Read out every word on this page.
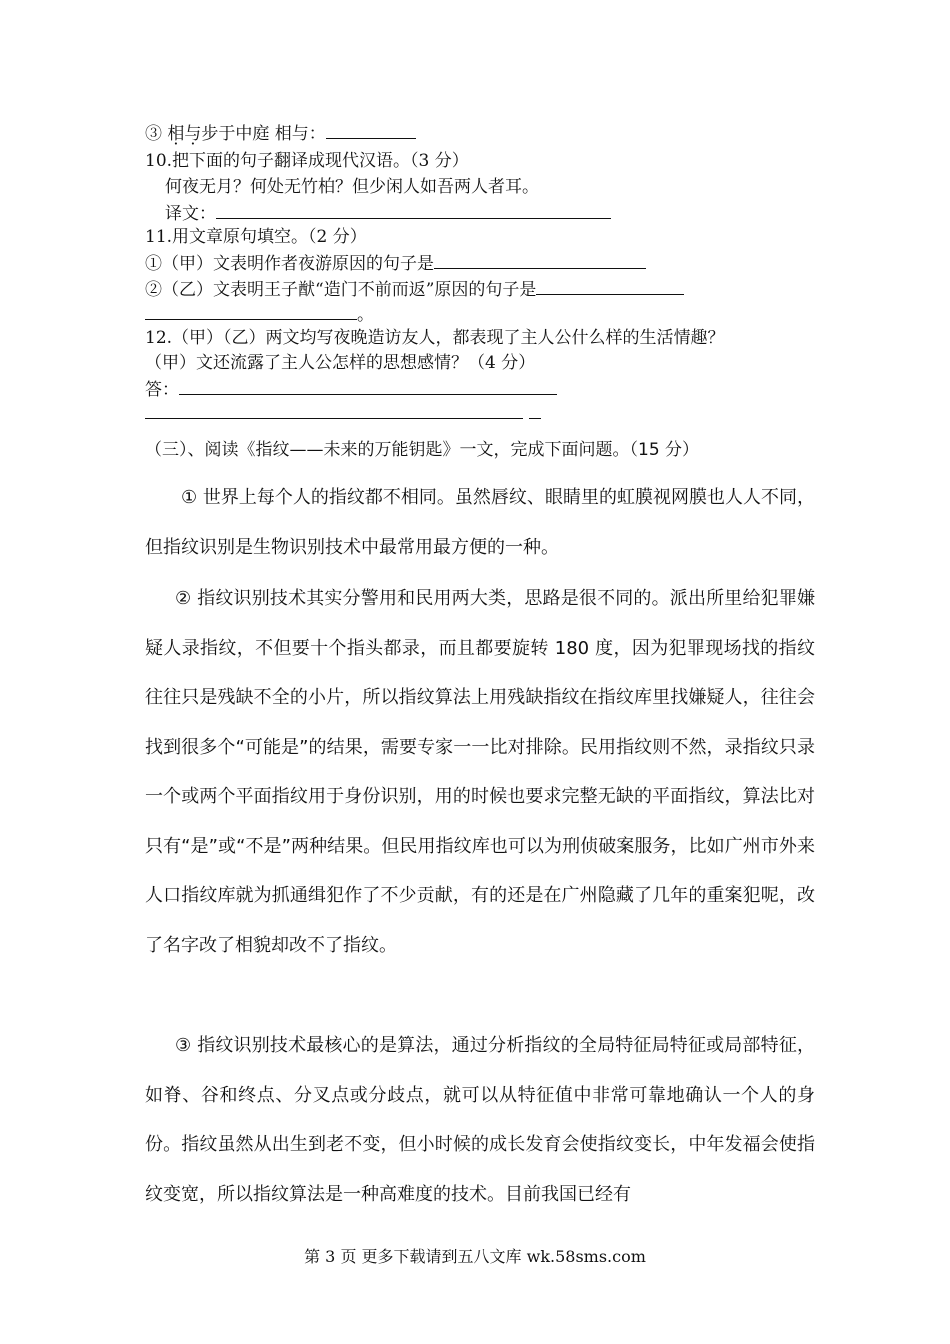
③ 相与步于中庭 相与：
10.把下面的句子翻译成现代汉语。（3 分）
何夜无月？何处无竹柏？但少闲人如吾两人者耳。
译文：
11.用文章原句填空。（2 分）
①（甲）文表明作者夜游原因的句子是
②（乙）文表明王子猷“造门不前而返”原因的句子是
。
12.（甲）（乙）两文均写夜晚造访友人，都表现了主人公什么样的生活情趣？
（甲）文还流露了主人公怎样的思想感情？（4 分）
答：
（三）、阅读《指纹——未来的万能钥匙》一文，完成下面问题。（15 分）
① 世界上每个人的指纹都不相同。虽然唇纹、眼睛里的虹膜视网膜也人人不同，但指纹识别是生物识别技术中最常用最方便的一种。
② 指纹识别技术其实分警用和民用两大类，思路是很不同的。派出所里给犯罪嫌疑人录指纹，不但要十个指头都录，而且都要旋转 180 度，因为犯罪现场找的指纹往往只是残缺不全的小片，所以指纹算法上用残缺指纹在指纹库里找嫌疑人，往往会找到很多个“可能是”的结果，需要专家一一比对排除。民用指纹则不然，录指纹只录一个或两个平面指纹用于身份识别，用的时候也要求完整无缺的平面指纹，算法比对只有“是”或“不是”两种结果。但民用指纹库也可以为刑侦破案服务，比如广州市外来人口指纹库就为抓通缉犯作了不少贡献，有的还是在广州隐藏了几年的重案犯呢，改了名字改了相貌却改不了指纹。
③ 指纹识别技术最核心的是算法，通过分析指纹的全局特征局特征或局部特征，如脊、谷和终点、分叉点或分歧点，就可以从特征值中非常可靠地确认一个人的身份。指纹虽然从出生到老不变，但小时候的成长发育会使指纹变长，中年发福会使指纹变宽，所以指纹算法是一种高难度的技术。目前我国已经有
第 3 页 更多下载请到五八文库 wk.58sms.com
